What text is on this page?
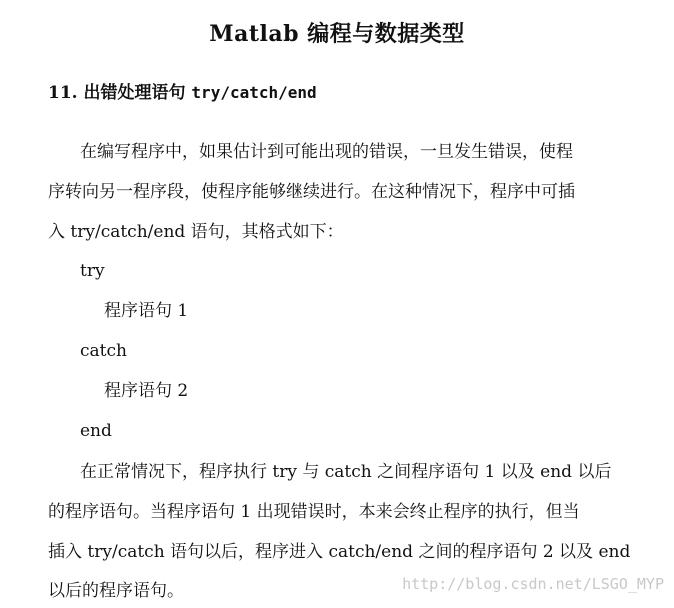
Matlab 编程与数据类型
11. 出错处理语句 try/catch/end
在编写程序中，如果估计到可能出现的错误，一旦发生错误，使程
序转向另一程序段，使程序能够继续进行。在这种情况下，程序中可插
入 try/catch/end 语句，其格式如下：
try
程序语句 1
catch
程序语句 2
end
在正常情况下，程序执行 try 与 catch 之间程序语句 1 以及 end 以后
的程序语句。当程序语句 1 出现错误时，本来会终止程序的执行，但当
插入 try/catch 语句以后，程序进入 catch/end 之间的程序语句 2 以及 end
以后的程序语句。	http://blog.csdn.net/LSGO_MYP
